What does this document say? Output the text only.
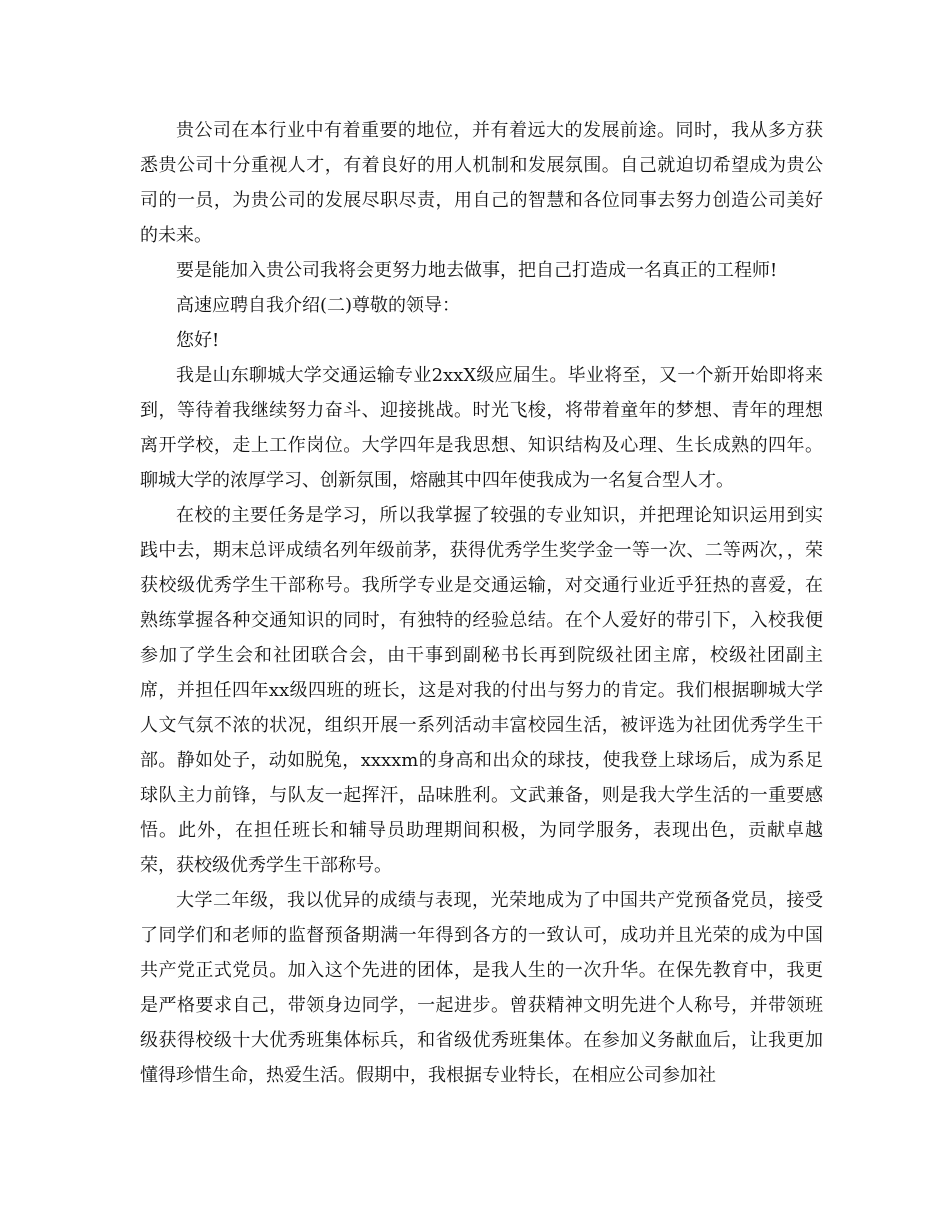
贵公司在本行业中有着重要的地位，并有着远大的发展前途。同时，我从多方获悉贵公司十分重视人才，有着良好的用人机制和发展氛围。自己就迫切希望成为贵公司的一员，为贵公司的发展尽职尽责，用自己的智慧和各位同事去努力创造公司美好的未来。

要是能加入贵公司我将会更努力地去做事，把自己打造成一名真正的工程师!

高速应聘自我介绍(二)尊敬的领导：

您好!

我是山东聊城大学交通运输专业2xxX级应届生。毕业将至，又一个新开始即将来到，等待着我继续努力奋斗、迎接挑战。时光飞梭，将带着童年的梦想、青年的理想离开学校，走上工作岗位。大学四年是我思想、知识结构及心理、生长成熟的四年。聊城大学的浓厚学习、创新氛围，熔融其中四年使我成为一名复合型人才。

在校的主要任务是学习，所以我掌握了较强的专业知识，并把理论知识运用到实践中去，期末总评成绩名列年级前茅，获得优秀学生奖学金一等一次、二等两次，，荣获校级优秀学生干部称号。我所学专业是交通运输，对交通行业近乎狂热的喜爱，在熟练掌握各种交通知识的同时，有独特的经验总结。在个人爱好的带引下，入校我便参加了学生会和社团联合会，由干事到副秘书长再到院级社团主席，校级社团副主席，并担任四年xx级四班的班长，这是对我的付出与努力的肯定。我们根据聊城大学人文气氛不浓的状况，组织开展一系列活动丰富校园生活，被评选为社团优秀学生干部。静如处子，动如脱兔，xxxxm的身高和出众的球技，使我登上球场后，成为系足球队主力前锋，与队友一起挥汗，品味胜利。文武兼备，则是我大学生活的一重要感悟。此外，在担任班长和辅导员助理期间积极，为同学服务，表现出色，贡献卓越荣，获校级优秀学生干部称号。

大学二年级，我以优异的成绩与表现，光荣地成为了中国共产党预备党员，接受了同学们和老师的监督预备期满一年得到各方的一致认可，成功并且光荣的成为中国共产党正式党员。加入这个先进的团体，是我人生的一次升华。在保先教育中，我更是严格要求自己，带领身边同学，一起进步。曾获精神文明先进个人称号，并带领班级获得校级十大优秀班集体标兵，和省级优秀班集体。在参加义务献血后，让我更加懂得珍惜生命，热爱生活。假期中，我根据专业特长，在相应公司参加社
